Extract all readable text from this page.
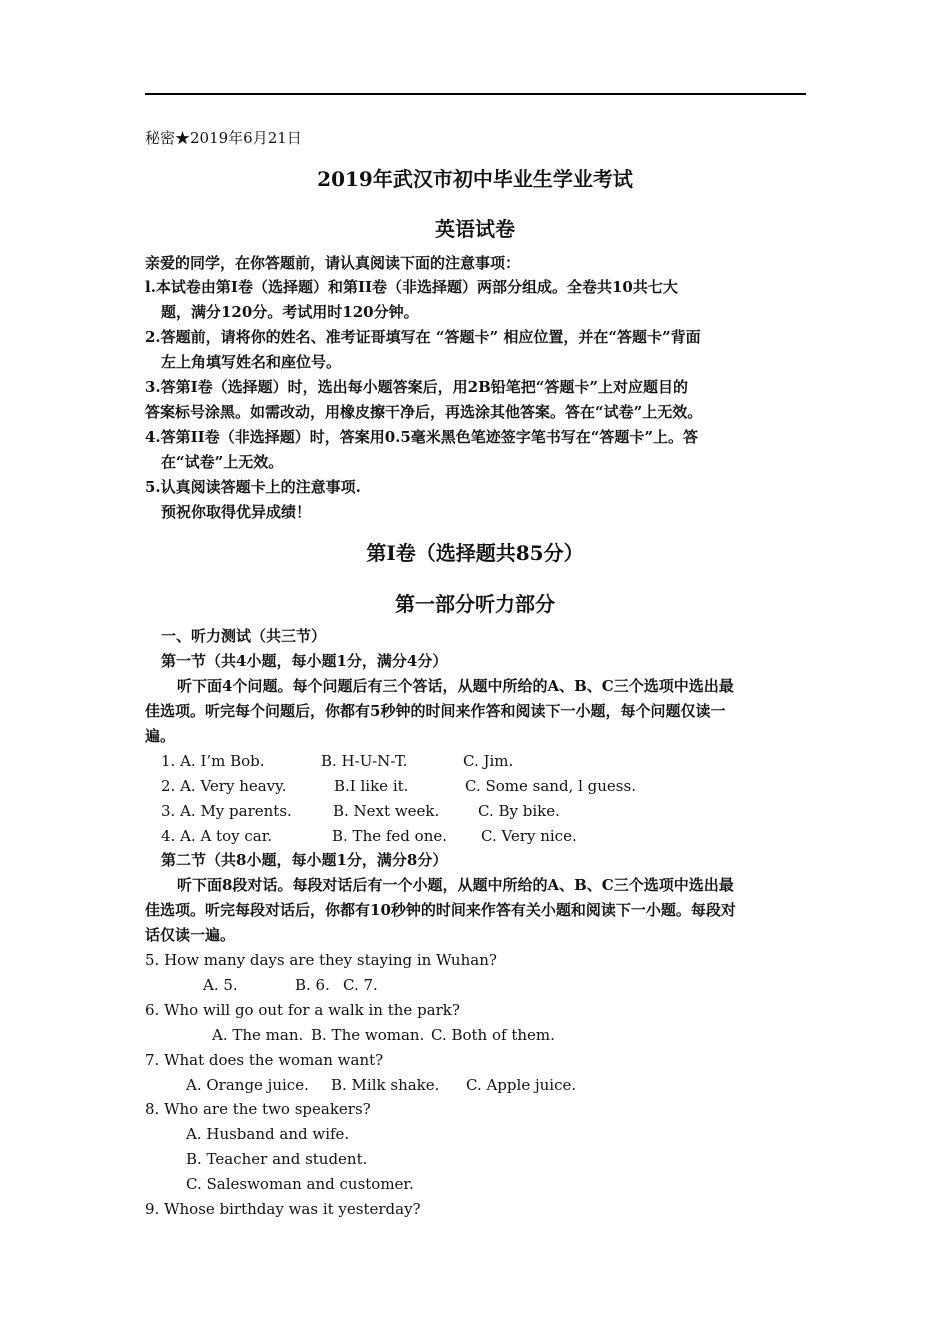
秘密★2019年6月21日
2019年武汉市初中毕业生学业考试
英语试卷
亲爱的同学，在你答题前，请认真阅读下面的注意事项：
l.本试卷由第I卷（选择题）和第II卷（非选择题）两部分组成。全卷共10共七大
题，满分120分。考试用时120分钟。
2.答题前，请将你的姓名、准考证哥填写在 “答题卡” 相应位置，并在“答题卡”背面
左上角填写姓名和座位号。
3.答第I卷（选择题）时，选出每小题答案后，用2B铅笔把“答题卡”上对应题目的
答案标号涂黑。如需改动，用橡皮擦干净后，再选涂其他答案。答在“试卷”上无效。
4.答第II卷（非选择题）时，答案用0.5毫米黑色笔迹签字笔书写在“答题卡”上。答
在“试卷”上无效。
5.认真阅读答题卡上的注意事项.
预祝你取得优异成绩！
第I卷（选择题共85分）
第一部分听力部分
一、听力测试（共三节）
第一节（共4小题，每小题1分，满分4分）
听下面4个问题。每个问题后有三个答话，从题中所给的A、B、C三个选项中选出最
佳选项。听完每个问题后，你都有5秒钟的时间来作答和阅读下一小题，每个问题仅读一
遍。
1. A. I’m Bob.	B. H-U-N-T.	C. Jim.
2. A. Very heavy.	B.I like it.	C. Some sand, l guess.
3. A. My parents.	B. Next week.	C. By bike.
4. A. A toy car.	B. The fed one. C. Very nice.
第二节（共8小题，每小题1分，满分8分）
听下面8段对话。每段对话后有一个小题，从题中所给的A、B、C三个选项中选出最
佳选项。听完每段对话后，你都有10秒钟的时间来作答有关小题和阅读下一小题。每段对
话仅读一遍。
5. How many days are they staying in Wuhan?
A. 5.	B. 6. C. 7.
6. Who will go out for a walk in the park?
A. The man. B. The woman. C. Both of them.
7. What does the woman want?
A. Orange juice. B. Milk shake. C. Apple juice.
8. Who are the two speakers?
A. Husband and wife.
B. Teacher and student.
C. Saleswoman and customer.
9. Whose birthday was it yesterday?
